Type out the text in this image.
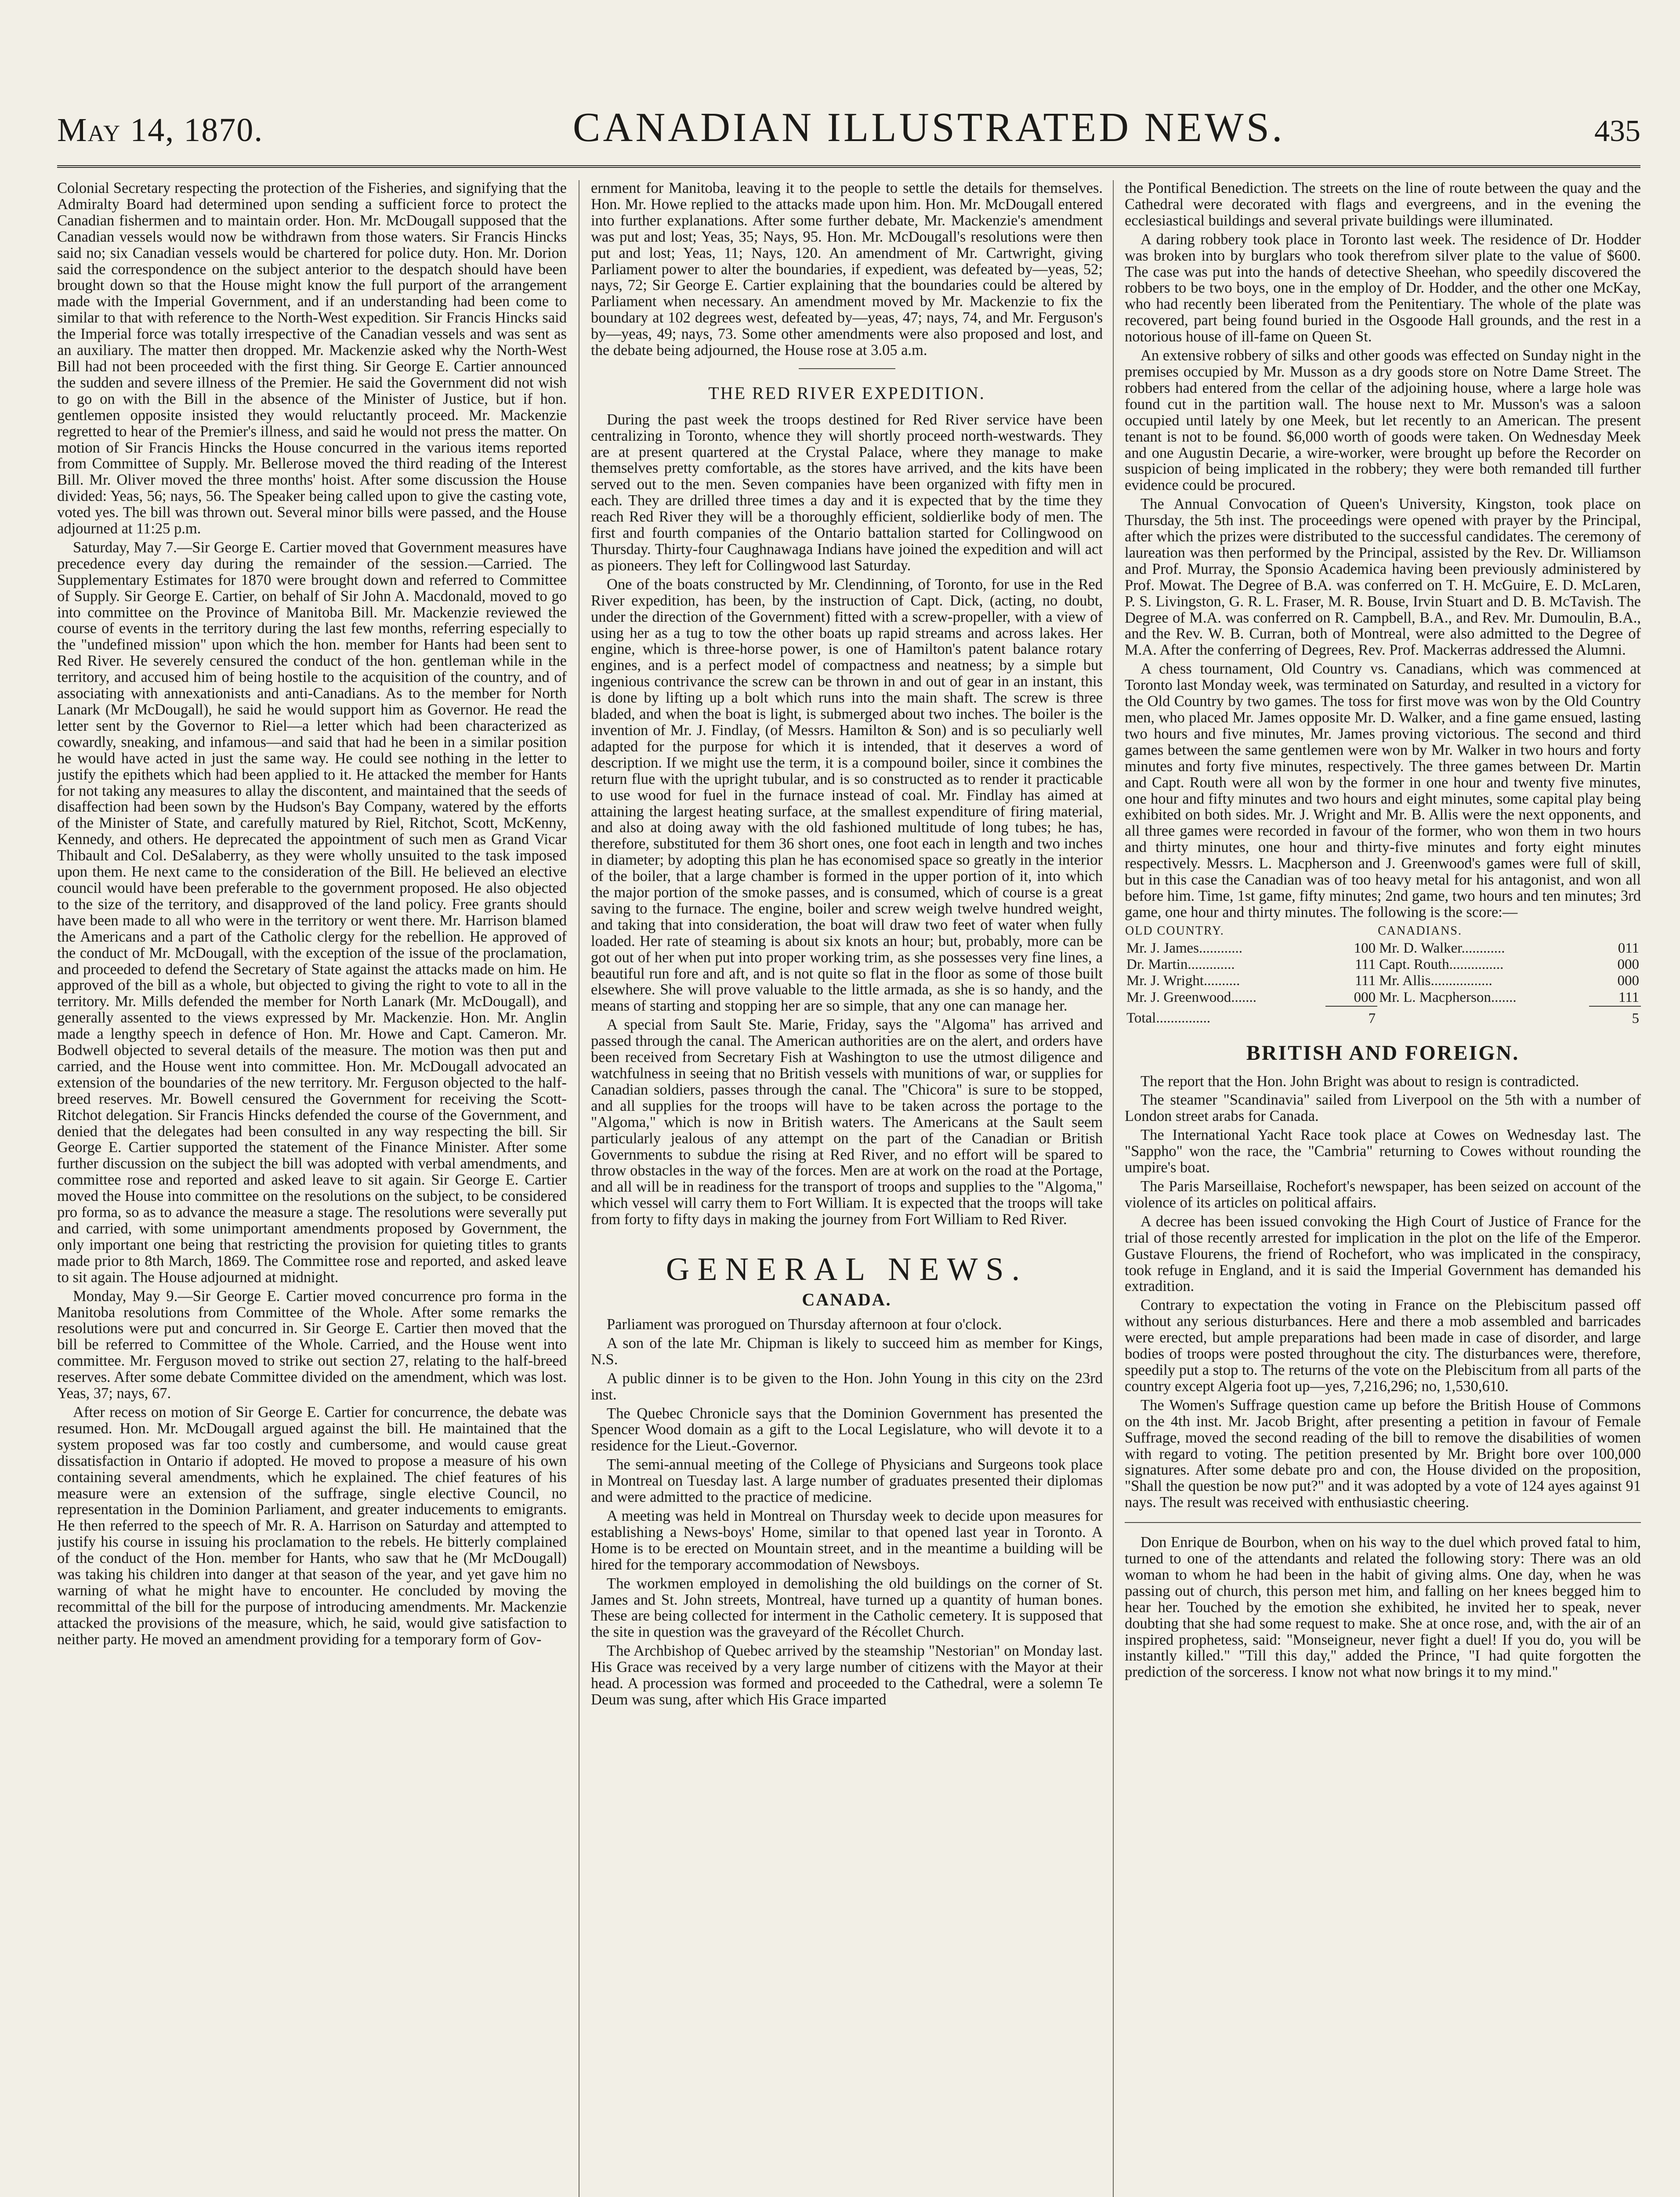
May 14, 1870.	CANADIAN ILLUSTRATED NEWS.	435

Colonial Secretary respecting the protection of the Fisheries, and signifying that the Admiralty Board had determined upon sending a sufficient force to protect the Canadian fishermen and to maintain order. Hon. Mr. McDougall supposed that the Canadian vessels would now be withdrawn from those waters. Sir Francis Hincks said no; six Canadian vessels would be chartered for police duty. Hon. Mr. Dorion said the correspondence on the subject anterior to the despatch should have been brought down so that the House might know the full purport of the arrangement made with the Imperial Government, and if an understanding had been come to similar to that with reference to the North-West expedition. Sir Francis Hincks said the Imperial force was totally irrespective of the Canadian vessels and was sent as an auxiliary. The matter then dropped. Mr. Mackenzie asked why the North-West Bill had not been proceeded with the first thing. Sir George E. Cartier announced the sudden and severe illness of the Premier. He said the Government did not wish to go on with the Bill in the absence of the Minister of Justice, but if hon. gentlemen opposite insisted they would reluctantly proceed. Mr. Mackenzie regretted to hear of the Premier's illness, and said he would not press the matter. On motion of Sir Francis Hincks the House concurred in the various items reported from Committee of Supply. Mr. Bellerose moved the third reading of the Interest Bill. Mr. Oliver moved the three months' hoist. After some discussion the House divided: Yeas, 56; nays, 56. The Speaker being called upon to give the casting vote, voted yes. The bill was thrown out. Several minor bills were passed, and the House adjourned at 11:25 p.m.

Saturday, May 7.—Sir George E. Cartier moved that Government measures have precedence every day during the remainder of the session.—Carried. The Supplementary Estimates for 1870 were brought down and referred to Committee of Supply. Sir George E. Cartier, on behalf of Sir John A. Macdonald, moved to go into committee on the Province of Manitoba Bill. Mr. Mackenzie reviewed the course of events in the territory during the last few months, referring especially to the "undefined mission" upon which the hon. member for Hants had been sent to Red River. He severely censured the conduct of the hon. gentleman while in the territory, and accused him of being hostile to the acquisition of the country, and of associating with annexationists and anti-Canadians. As to the member for North Lanark (Mr McDougall), he said he would support him as Governor. He read the letter sent by the Governor to Riel—a letter which had been characterized as cowardly, sneaking, and infamous—and said that had he been in a similar position he would have acted in just the same way. He could see nothing in the letter to justify the epithets which had been applied to it. He attacked the member for Hants for not taking any measures to allay the discontent, and maintained that the seeds of disaffection had been sown by the Hudson's Bay Company, watered by the efforts of the Minister of State, and carefully matured by Riel, Ritchot, Scott, McKenny, Kennedy, and others. He deprecated the appointment of such men as Grand Vicar Thibault and Col. DeSalaberry, as they were wholly unsuited to the task imposed upon them. He next came to the consideration of the Bill. He believed an elective council would have been preferable to the government proposed. He also objected to the size of the territory, and disapproved of the land policy. Free grants should have been made to all who were in the territory or went there. Mr. Harrison blamed the Americans and a part of the Catholic clergy for the rebellion. He approved of the conduct of Mr. McDougall, with the exception of the issue of the proclamation, and proceeded to defend the Secretary of State against the attacks made on him. He approved of the bill as a whole, but objected to giving the right to vote to all in the territory. Mr. Mills defended the member for North Lanark (Mr. McDougall), and generally assented to the views expressed by Mr. Mackenzie. Hon. Mr. Anglin made a lengthy speech in defence of Hon. Mr. Howe and Capt. Cameron. Mr. Bodwell objected to several details of the measure. The motion was then put and carried, and the House went into committee. Hon. Mr. McDougall advocated an extension of the boundaries of the new territory. Mr. Ferguson objected to the half-breed reserves. Mr. Bowell censured the Government for receiving the Scott-Ritchot delegation. Sir Francis Hincks defended the course of the Government, and denied that the delegates had been consulted in any way respecting the bill. Sir George E. Cartier supported the statement of the Finance Minister. After some further discussion on the subject the bill was adopted with verbal amendments, and committee rose and reported and asked leave to sit again. Sir George E. Cartier moved the House into committee on the resolutions on the subject, to be considered pro forma, so as to advance the measure a stage. The resolutions were severally put and carried, with some unimportant amendments proposed by Government, the only important one being that restricting the provision for quieting titles to grants made prior to 8th March, 1869. The Committee rose and reported, and asked leave to sit again. The House adjourned at midnight.

Monday, May 9.—Sir George E. Cartier moved concurrence pro forma in the Manitoba resolutions from Committee of the Whole. After some remarks the resolutions were put and concurred in. Sir George E. Cartier then moved that the bill be referred to Committee of the Whole. Carried, and the House went into committee. Mr. Ferguson moved to strike out section 27, relating to the half-breed reserves. After some debate Committee divided on the amendment, which was lost. Yeas, 37; nays, 67.

After recess on motion of Sir George E. Cartier for concurrence, the debate was resumed. Hon. Mr. McDougall argued against the bill. He maintained that the system proposed was far too costly and cumbersome, and would cause great dissatisfaction in Ontario if adopted. He moved to propose a measure of his own containing several amendments, which he explained. The chief features of his measure were an extension of the suffrage, single elective Council, no representation in the Dominion Parliament, and greater inducements to emigrants. He then referred to the speech of Mr. R. A. Harrison on Saturday and attempted to justify his course in issuing his proclamation to the rebels. He bitterly complained of the conduct of the Hon. member for Hants, who saw that he (Mr McDougall) was taking his children into danger at that season of the year, and yet gave him no warning of what he might have to encounter. He concluded by moving the recommittal of the bill for the purpose of introducing amendments. Mr. Mackenzie attacked the provisions of the measure, which, he said, would give satisfaction to neither party. He moved an amendment providing for a temporary form of Gov-

ernment for Manitoba, leaving it to the people to settle the details for themselves. Hon. Mr. Howe replied to the attacks made upon him. Hon. Mr. McDougall entered into further explanations. After some further debate, Mr. Mackenzie's amendment was put and lost; Yeas, 35; Nays, 95. Hon. Mr. McDougall's resolutions were then put and lost; Yeas, 11; Nays, 120. An amendment of Mr. Cartwright, giving Parliament power to alter the boundaries, if expedient, was defeated by—yeas, 52; nays, 72; Sir George E. Cartier explaining that the boundaries could be altered by Parliament when necessary. An amendment moved by Mr. Mackenzie to fix the boundary at 102 degrees west, defeated by—yeas, 47; nays, 74, and Mr. Ferguson's by—yeas, 49; nays, 73. Some other amendments were also proposed and lost, and the debate being adjourned, the House rose at 3.05 a.m.

THE RED RIVER EXPEDITION.

During the past week the troops destined for Red River service have been centralizing in Toronto, whence they will shortly proceed north-westwards. They are at present quartered at the Crystal Palace, where they manage to make themselves pretty comfortable, as the stores have arrived, and the kits have been served out to the men. Seven companies have been organized with fifty men in each. They are drilled three times a day and it is expected that by the time they reach Red River they will be a thoroughly efficient, soldierlike body of men. The first and fourth companies of the Ontario battalion started for Collingwood on Thursday. Thirty-four Caughnawaga Indians have joined the expedition and will act as pioneers. They left for Collingwood last Saturday.

One of the boats constructed by Mr. Clendinning, of Toronto, for use in the Red River expedition, has been, by the instruction of Capt. Dick, (acting, no doubt, under the direction of the Government) fitted with a screw-propeller, with a view of using her as a tug to tow the other boats up rapid streams and across lakes. Her engine, which is three-horse power, is one of Hamilton's patent balance rotary engines, and is a perfect model of compactness and neatness; by a simple but ingenious contrivance the screw can be thrown in and out of gear in an instant, this is done by lifting up a bolt which runs into the main shaft. The screw is three bladed, and when the boat is light, is submerged about two inches. The boiler is the invention of Mr. J. Findlay, (of Messrs. Hamilton & Son) and is so peculiarly well adapted for the purpose for which it is intended, that it deserves a word of description. If we might use the term, it is a compound boiler, since it combines the return flue with the upright tubular, and is so constructed as to render it practicable to use wood for fuel in the furnace instead of coal. Mr. Findlay has aimed at attaining the largest heating surface, at the smallest expenditure of firing material, and also at doing away with the old fashioned multitude of long tubes; he has, therefore, substituted for them 36 short ones, one foot each in length and two inches in diameter; by adopting this plan he has economised space so greatly in the interior of the boiler, that a large chamber is formed in the upper portion of it, into which the major portion of the smoke passes, and is consumed, which of course is a great saving to the furnace. The engine, boiler and screw weigh twelve hundred weight, and taking that into consideration, the boat will draw two feet of water when fully loaded. Her rate of steaming is about six knots an hour; but, probably, more can be got out of her when put into proper working trim, as she possesses very fine lines, a beautiful run fore and aft, and is not quite so flat in the floor as some of those built elsewhere. She will prove valuable to the little armada, as she is so handy, and the means of starting and stopping her are so simple, that any one can manage her.

A special from Sault Ste. Marie, Friday, says the "Algoma" has arrived and passed through the canal. The American authorities are on the alert, and orders have been received from Secretary Fish at Washington to use the utmost diligence and watchfulness in seeing that no British vessels with munitions of war, or supplies for Canadian soldiers, passes through the canal. The "Chicora" is sure to be stopped, and all supplies for the troops will have to be taken across the portage to the "Algoma," which is now in British waters. The Americans at the Sault seem particularly jealous of any attempt on the part of the Canadian or British Governments to subdue the rising at Red River, and no effort will be spared to throw obstacles in the way of the forces. Men are at work on the road at the Portage, and all will be in readiness for the transport of troops and supplies to the "Algoma," which vessel will carry them to Fort William. It is expected that the troops will take from forty to fifty days in making the journey from Fort William to Red River.

GENERAL NEWS.
CANADA.

Parliament was prorogued on Thursday afternoon at four o'clock.

A son of the late Mr. Chipman is likely to succeed him as member for Kings, N.S.

A public dinner is to be given to the Hon. John Young in this city on the 23rd inst.

The Quebec Chronicle says that the Dominion Government has presented the Spencer Wood domain as a gift to the Local Legislature, who will devote it to a residence for the Lieut.-Governor.

The semi-annual meeting of the College of Physicians and Surgeons took place in Montreal on Tuesday last. A large number of graduates presented their diplomas and were admitted to the practice of medicine.

A meeting was held in Montreal on Thursday week to decide upon measures for establishing a News-boys' Home, similar to that opened last year in Toronto. A Home is to be erected on Mountain street, and in the meantime a building will be hired for the temporary accommodation of Newsboys.

The workmen employed in demolishing the old buildings on the corner of St. James and St. John streets, Montreal, have turned up a quantity of human bones. These are being collected for interment in the Catholic cemetery. It is supposed that the site in question was the graveyard of the Récollet Church.

The Archbishop of Quebec arrived by the steamship "Nestorian" on Monday last. His Grace was received by a very large number of citizens with the Mayor at their head. A procession was formed and proceeded to the Cathedral, were a solemn Te Deum was sung, after which His Grace imparted

the Pontifical Benediction. The streets on the line of route between the quay and the Cathedral were decorated with flags and evergreens, and in the evening the ecclesiastical buildings and several private buildings were illuminated.

A daring robbery took place in Toronto last week. The residence of Dr. Hodder was broken into by burglars who took therefrom silver plate to the value of $600. The case was put into the hands of detective Sheehan, who speedily discovered the robbers to be two boys, one in the employ of Dr. Hodder, and the other one McKay, who had recently been liberated from the Penitentiary. The whole of the plate was recovered, part being found buried in the Osgoode Hall grounds, and the rest in a notorious house of ill-fame on Queen St.

An extensive robbery of silks and other goods was effected on Sunday night in the premises occupied by Mr. Musson as a dry goods store on Notre Dame Street. The robbers had entered from the cellar of the adjoining house, where a large hole was found cut in the partition wall. The house next to Mr. Musson's was a saloon occupied until lately by one Meek, but let recently to an American. The present tenant is not to be found. $6,000 worth of goods were taken. On Wednesday Meek and one Augustin Decarie, a wire-worker, were brought up before the Recorder on suspicion of being implicated in the robbery; they were both remanded till further evidence could be procured.

The Annual Convocation of Queen's University, Kingston, took place on Thursday, the 5th inst. The proceedings were opened with prayer by the Principal, after which the prizes were distributed to the successful candidates. The ceremony of laureation was then performed by the Principal, assisted by the Rev. Dr. Williamson and Prof. Murray, the Sponsio Academica having been previously administered by Prof. Mowat. The Degree of B.A. was conferred on T. H. McGuire, E. D. McLaren, P. S. Livingston, G. R. L. Fraser, M. R. Bouse, Irvin Stuart and D. B. McTavish. The Degree of M.A. was conferred on R. Campbell, B.A., and Rev. Mr. Dumoulin, B.A., and the Rev. W. B. Curran, both of Montreal, were also admitted to the Degree of M.A. After the conferring of Degrees, Rev. Prof. Mackerras addressed the Alumni.

A chess tournament, Old Country vs. Canadians, which was commenced at Toronto last Monday week, was terminated on Saturday, and resulted in a victory for the Old Country by two games. The toss for first move was won by the Old Country men, who placed Mr. James opposite Mr. D. Walker, and a fine game ensued, lasting two hours and five minutes, Mr. James proving victorious. The second and third games between the same gentlemen were won by Mr. Walker in two hours and forty minutes and forty five minutes, respectively. The three games between Dr. Martin and Capt. Routh were all won by the former in one hour and twenty five minutes, one hour and fifty minutes and two hours and eight minutes, some capital play being exhibited on both sides. Mr. J. Wright and Mr. B. Allis were the next opponents, and all three games were recorded in favour of the former, who won them in two hours and thirty minutes, one hour and thirty-five minutes and forty eight minutes respectively. Messrs. L. Macpherson and J. Greenwood's games were full of skill, but in this case the Canadian was of too heavy metal for his antagonist, and won all before him. Time, 1st game, fifty minutes; 2nd game, two hours and ten minutes; 3rd game, one hour and thirty minutes. The following is the score:—

OLD COUNTRY.		CANADIANS.	
Mr. J. James............	100	Mr. D. Walker............	011
Dr. Martin.............	111	Capt. Routh...............	000
Mr. J. Wright..........	111	Mr. Allis.................	000
Mr. J. Greenwood.......	000	Mr. L. Macpherson.......	111
Total...............	7		5
BRITISH AND FOREIGN.

The report that the Hon. John Bright was about to resign is contradicted.

The steamer "Scandinavia" sailed from Liverpool on the 5th with a number of London street arabs for Canada.

The International Yacht Race took place at Cowes on Wednesday last. The "Sappho" won the race, the "Cambria" returning to Cowes without rounding the umpire's boat.

The Paris Marseillaise, Rochefort's newspaper, has been seized on account of the violence of its articles on political affairs.

A decree has been issued convoking the High Court of Justice of France for the trial of those recently arrested for implication in the plot on the life of the Emperor. Gustave Flourens, the friend of Rochefort, who was implicated in the conspiracy, took refuge in England, and it is said the Imperial Government has demanded his extradition.

Contrary to expectation the voting in France on the Plebiscitum passed off without any serious disturbances. Here and there a mob assembled and barricades were erected, but ample preparations had been made in case of disorder, and large bodies of troops were posted throughout the city. The disturbances were, therefore, speedily put a stop to. The returns of the vote on the Plebiscitum from all parts of the country except Algeria foot up—yes, 7,216,296; no, 1,530,610.

The Women's Suffrage question came up before the British House of Commons on the 4th inst. Mr. Jacob Bright, after presenting a petition in favour of Female Suffrage, moved the second reading of the bill to remove the disabilities of women with regard to voting. The petition presented by Mr. Bright bore over 100,000 signatures. After some debate pro and con, the House divided on the proposition, "Shall the question be now put?" and it was adopted by a vote of 124 ayes against 91 nays. The result was received with enthusiastic cheering.

Don Enrique de Bourbon, when on his way to the duel which proved fatal to him, turned to one of the attendants and related the following story: There was an old woman to whom he had been in the habit of giving alms. One day, when he was passing out of church, this person met him, and falling on her knees begged him to hear her. Touched by the emotion she exhibited, he invited her to speak, never doubting that she had some request to make. She at once rose, and, with the air of an inspired prophetess, said: "Monseigneur, never fight a duel! If you do, you will be instantly killed." "Till this day," added the Prince, "I had quite forgotten the prediction of the sorceress. I know not what now brings it to my mind."
